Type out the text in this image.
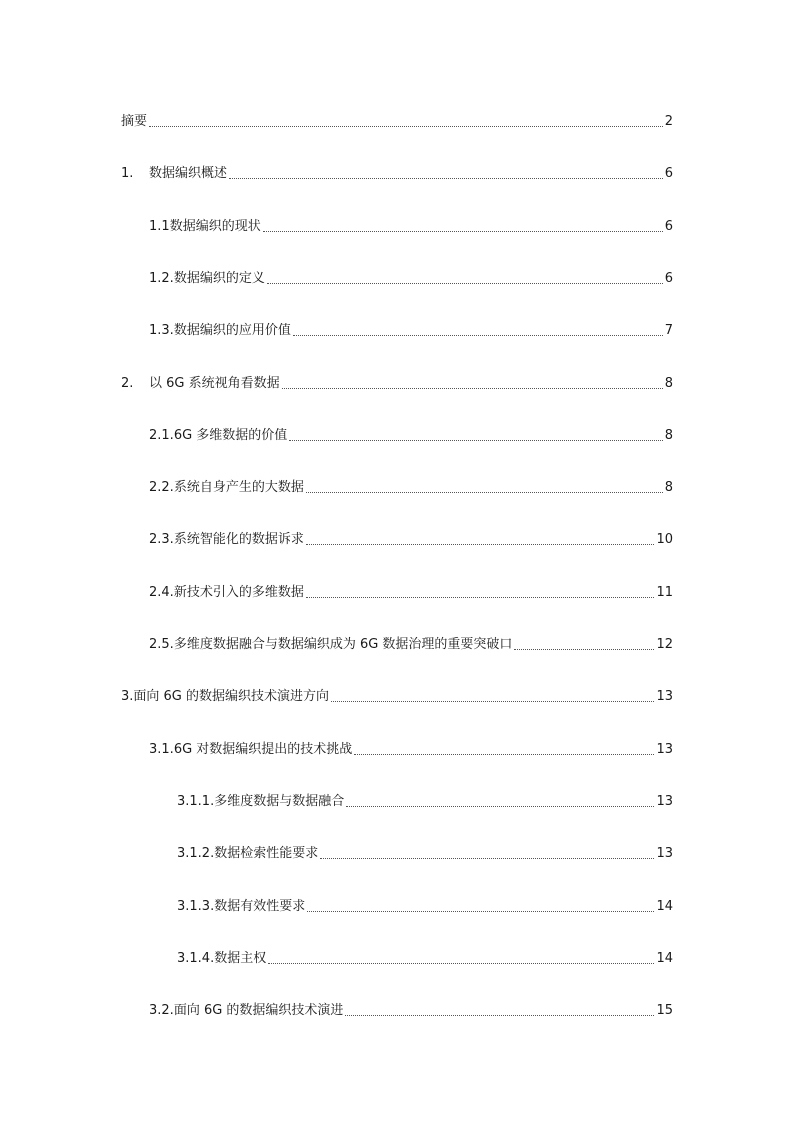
摘要	2
1.	数据编织概述	6
1.1 数据编织的现状	6
1.2. 数据编织的定义	6
1.3. 数据编织的应用价值	7
2.	以 6G 系统视角看数据	8
2.1. 6G 多维数据的价值	8
2.2. 系统自身产生的大数据	8
2.3. 系统智能化的数据诉求	10
2.4. 新技术引入的多维数据	11
2.5. 多维度数据融合与数据编织成为 6G 数据治理的重要突破口	12
3. 面向 6G 的数据编织技术演进方向	13
3.1. 6G 对数据编织提出的技术挑战	13
3.1.1. 多维度数据与数据融合	13
3.1.2. 数据检索性能要求	13
3.1.3. 数据有效性要求	14
3.1.4. 数据主权	14
3.2. 面向 6G 的数据编织技术演进	15
